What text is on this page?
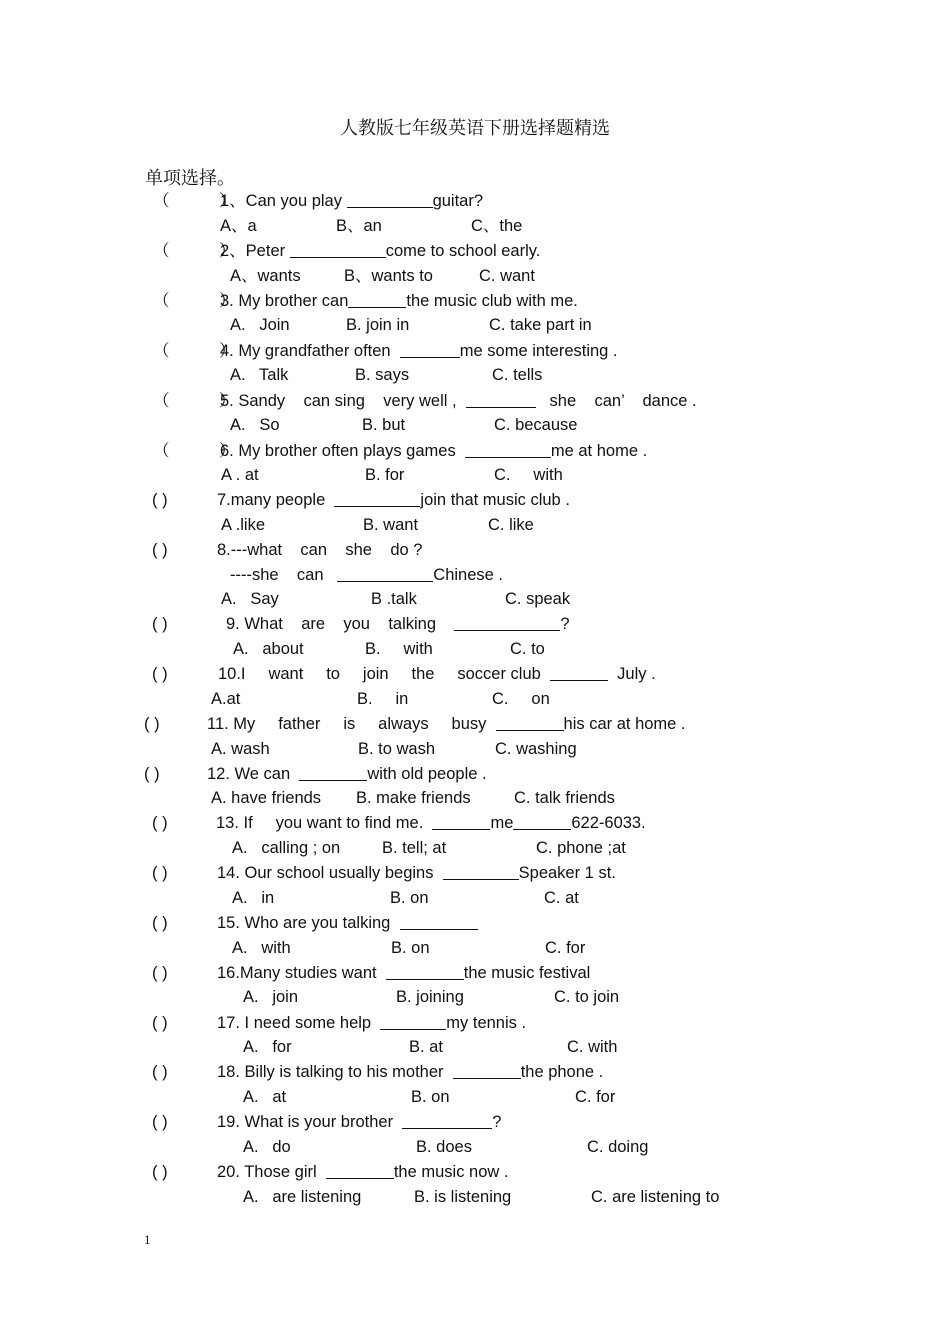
人教版七年级英语下册选择题精选
单项选择。
（　　　）
1、Can you play	guitar?
A、a	B、an	C、the
（　　　）
2、Peter	come to school early.
A、wants	B、wants to	C. want
（　　　）
3. My brother can	the music club with me.
A.   Join	B. join in	C. take part in
（　　　）
4. My grandfather often	me some interesting .
A.   Talk	B. says	C. tells
（　　　）
5. Sandy    can sing    very well ,	she    can’    dance .
A.   So	B. but	C. because
（　　　）
6. My brother often plays games	me at home .
A . at	B. for	C.     with
( )	7.many people	join that music club .
A .like	B. want	C. like
( )	8.---what    can    she    do ?
----she    can	Chinese .
A.   Say	B .talk	C. speak
( )	9. What    are    you    talking	?
A.   about	B.     with	C. to
( )	10.I     want     to     join     the     soccer club	July .
A.at	B.     in	C.     on
( )	11. My     father     is     always     busy	his car at home .
A. wash	B. to wash	C. washing
( )	12. We can	with old people .
A. have friends B. make friends	C. talk friends
( )	13. If     you want to find me.	me	622-6033.
A.   calling ; on	B. tell; at	C. phone ;at
( )	14. Our school usually begins	Speaker 1 st.
A.   in	B. on	C. at
( )	15. Who are you talking
A.   with	B. on	C. for
( )	16.Many studies want	the music festival
A.   join	B. joining	C. to join
( )	17. I need some help	my tennis .
A.   for	B. at	C. with
( )	18. Billy is talking to his mother	the phone .
A.   at	B. on	C. for
( )	19. What is your brother	?
A.   do	B. does	C. doing
( )	20. Those girl	the music now .
A.   are listening	B. is listening	C. are listening to
1
